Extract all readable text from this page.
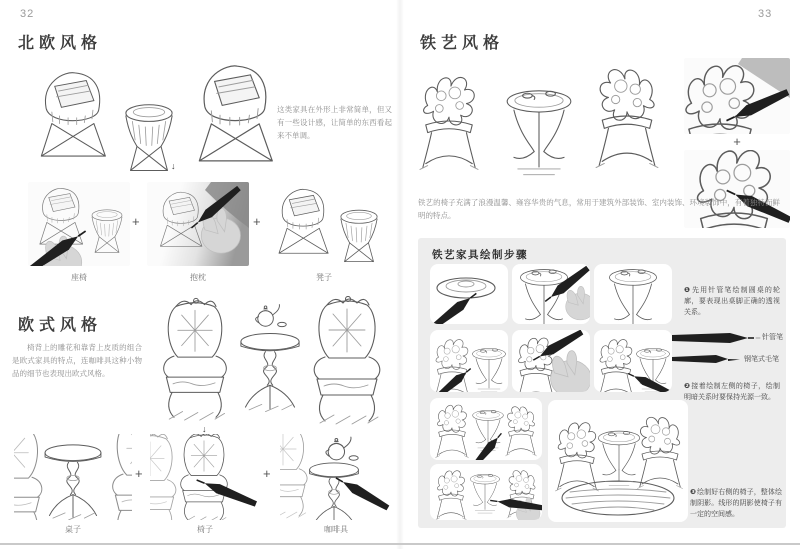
32
北欧风格

这类家具在外形上非常简单，但又有一些设计感，让简单的东西看起来不单调。

↓
+	+
座椅	抱枕	凳子
欧式风格

椅背上的雕花和靠背上皮质的组合是欧式家具的特点，连咖啡具这种小物品的细节也表现出欧式风格。

↓
+	+
桌子	椅子	咖啡具
33
铁艺风格
+

铁艺的椅子充满了浪漫温馨、雍容华贵的气息，常用于建筑外部装饰、室内装饰、环境装饰中，有着独特而鲜明的特点。

铁艺家具绘制步骤

❶先用针管笔绘制圆桌的轮廓，要表现出桌脚正确的透视关系。

针管笔
钢笔式毛笔

❷接着绘制左侧的椅子，绘制明暗关系时要保持光源一致。

❸绘制好右侧的椅子，整体绘制阴影。线形的阴影使椅子有一定的空间感。
